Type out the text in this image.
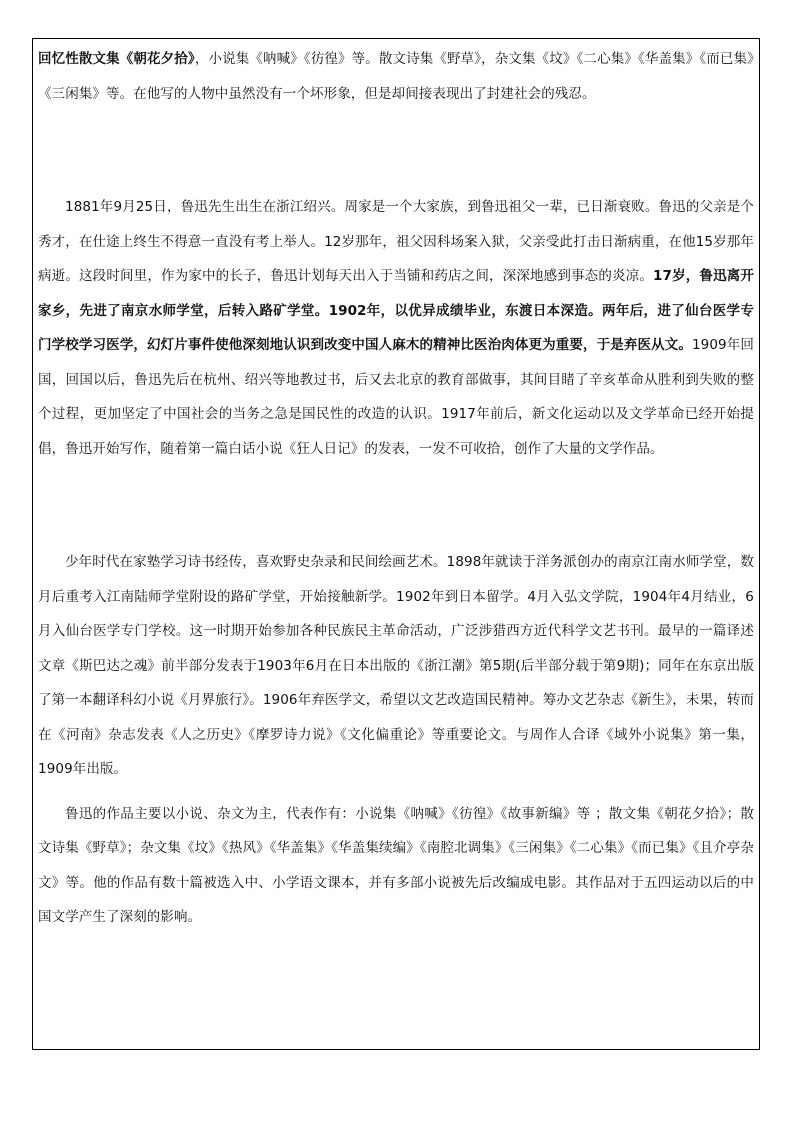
回忆性散文集《朝花夕拾》，小说集《呐喊》《彷徨》等。散文诗集《野草》，杂文集《坟》《二心集》《华盖集》《而已集》《三闲集》等。在他写的人物中虽然没有一个坏形象，但是却间接表现出了封建社会的残忍。

1881年9月25日，鲁迅先生出生在浙江绍兴。周家是一个大家族，到鲁迅祖父一辈，已日渐衰败。鲁迅的父亲是个秀才，在仕途上终生不得意一直没有考上举人。12岁那年，祖父因科场案入狱，父亲受此打击日渐病重，在他15岁那年病逝。这段时间里，作为家中的长子，鲁迅计划每天出入于当铺和药店之间，深深地感到事态的炎凉。17岁，鲁迅离开家乡，先进了南京水师学堂，后转入路矿学堂。1902年，以优异成绩毕业，东渡日本深造。两年后，进了仙台医学专门学校学习医学，幻灯片事件使他深刻地认识到改变中国人麻木的精神比医治肉体更为重要，于是弃医从文。1909年回国，回国以后，鲁迅先后在杭州、绍兴等地教过书，后又去北京的教育部做事，其间目睹了辛亥革命从胜利到失败的整个过程，更加坚定了中国社会的当务之急是国民性的改造的认识。1917年前后，新文化运动以及文学革命已经开始提倡，鲁迅开始写作，随着第一篇白话小说《狂人日记》的发表，一发不可收拾，创作了大量的文学作品。

少年时代在家塾学习诗书经传，喜欢野史杂录和民间绘画艺术。1898年就读于洋务派创办的南京江南水师学堂，数月后重考入江南陆师学堂附设的路矿学堂，开始接触新学。1902年到日本留学。4月入弘文学院，1904年4月结业，6月入仙台医学专门学校。这一时期开始参加各种民族民主革命活动，广泛涉猎西方近代科学文艺书刊。最早的一篇译述文章《斯巴达之魂》前半部分发表于1903年6月在日本出版的《浙江潮》第5期(后半部分载于第9期)；同年在东京出版了第一本翻译科幻小说《月界旅行》。1906年弃医学文，希望以文艺改造国民精神。筹办文艺杂志《新生》，未果，转而在《河南》杂志发表《人之历史》《摩罗诗力说》《文化偏重论》等重要论文。与周作人合译《域外小说集》第一集，1909年出版。

鲁迅的作品主要以小说、杂文为主，代表作有：小说集《呐喊》《彷徨》《故事新编》等 ；散文集《朝花夕拾》；散文诗集《野草》；杂文集《坟》《热风》《华盖集》《华盖集续编》《南腔北调集》《三闲集》《二心集》《而已集》《且介亭杂文》等。他的作品有数十篇被选入中、小学语文课本，并有多部小说被先后改编成电影。其作品对于五四运动以后的中国文学产生了深刻的影响。
